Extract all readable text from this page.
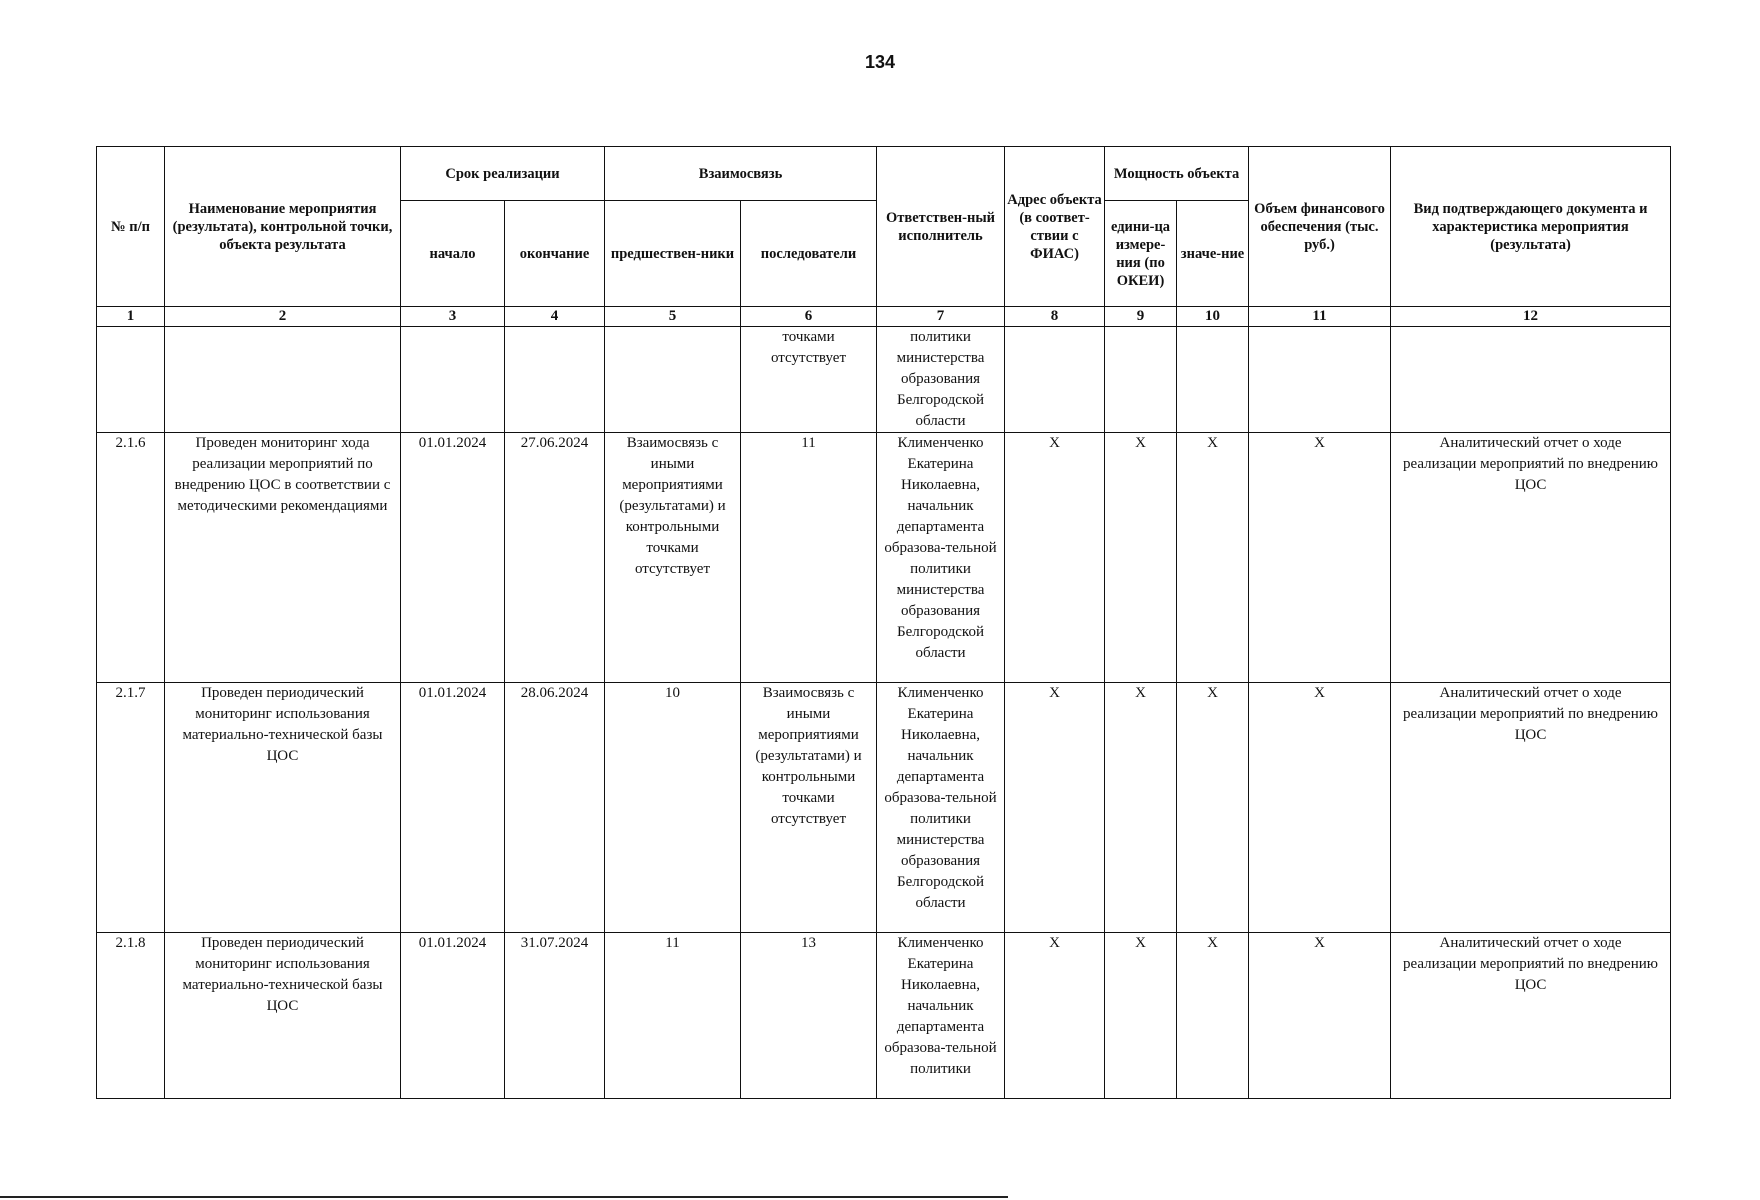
134
№ п/п	Наименование мероприятия (результата), контрольной точки, объекта результата	Срок реализации		Взаимосвязь		Ответствен-ный исполнитель	Адрес объекта (в соответ-ствии с ФИАС)	Мощность объекта		Объем финансового обеспечения (тыс. руб.)	Вид подтверждающего документа и характеристика мероприятия (результата)
		начало	окончание	предшествен-ники	последователи			едини-ца измере-ния (по ОКЕИ)	значе-ние		
1	2	3	4	5	6	7	8	9	10	11	12
					точками отсутствует	политики министерства образования Белгородской области					
2.1.6	Проведен мониторинг хода реализации мероприятий по внедрению ЦОС в соответствии с методическими рекомендациями	01.01.2024	27.06.2024	Взаимосвязь с иными мероприятиями (результатами) и контрольными точками отсутствует	11	Клименченко Екатерина Николаевна, начальник департамента образова-тельной политики министерства образования Белгородской области	X	X	X	X	Аналитический отчет о ходе реализации мероприятий по внедрению ЦОС
2.1.7	Проведен периодический мониторинг использования материально-технической базы ЦОС	01.01.2024	28.06.2024	10	Взаимосвязь с иными мероприятиями (результатами) и контрольными точками отсутствует	Клименченко Екатерина Николаевна, начальник департамента образова-тельной политики министерства образования Белгородской области	X	X	X	X	Аналитический отчет о ходе реализации мероприятий по внедрению ЦОС
2.1.8	Проведен периодический мониторинг использования материально-технической базы ЦОС	01.01.2024	31.07.2024	11	13	Клименченко Екатерина Николаевна, начальник департамента образова-тельной политики	X	X	X	X	Аналитический отчет о ходе реализации мероприятий по внедрению ЦОС
